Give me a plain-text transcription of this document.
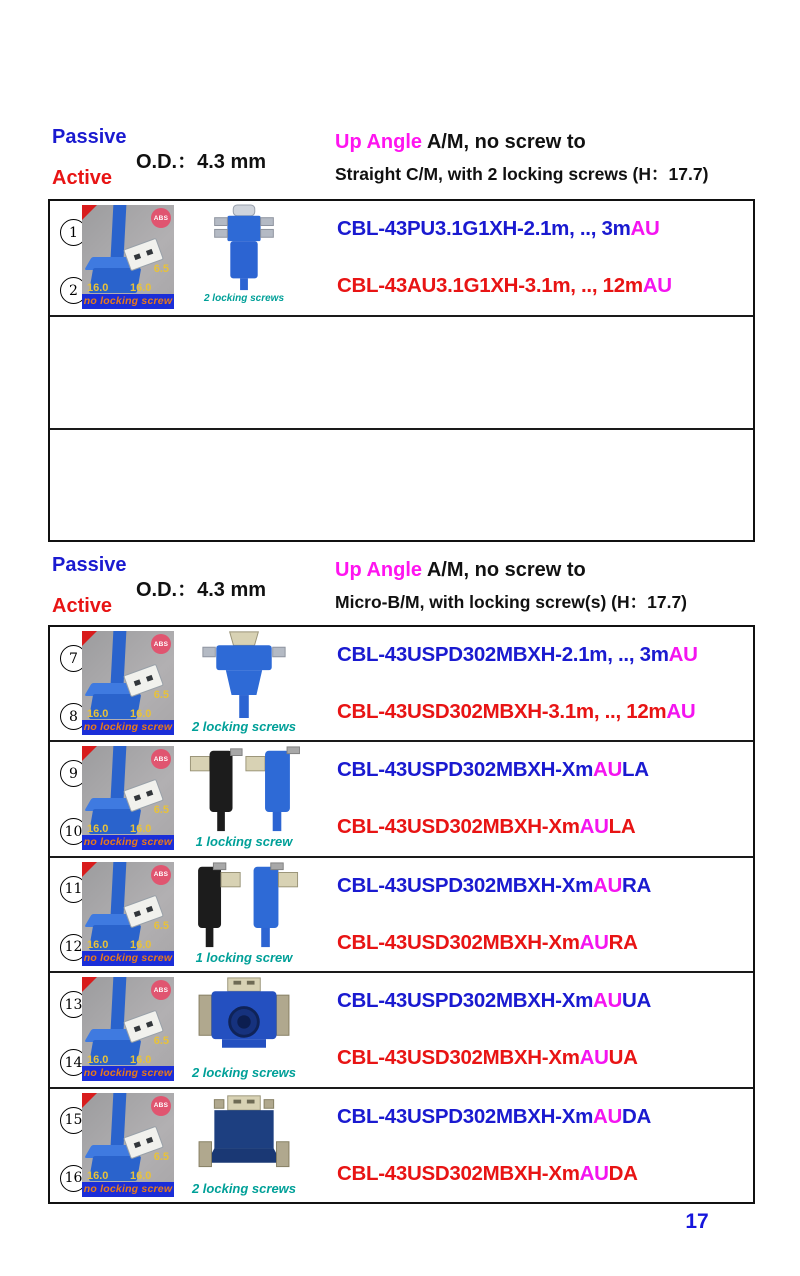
Passive
O.D.：4.3 mm
Active
Up Angle A/M, no screw to
Straight C/M, with 2 locking screws (H：17.7)
1
2
ABS
6.5
16.0 16.0
no locking screw	2 locking screws
CBL-43PU3.1G1XH-2.1m, .., 3mAU
CBL-43AU3.1G1XH-3.1m, .., 12mAU
Passive
O.D.：4.3 mm
Active
Up Angle A/M, no screw to
Micro-B/M, with locking screw(s) (H：17.7)
7
8
ABS
6.5
16.0 16.0
no locking screw	2 locking screws
CBL-43USPD302MBXH-2.1m, .., 3mAU
CBL-43USD302MBXH-3.1m, .., 12mAU
9
10
ABS
6.5
16.0 16.0
no locking screw	1 locking screw
CBL-43USPD302MBXH-XmAULA
CBL-43USD302MBXH-XmAULA
11
12
ABS
6.5
16.0 16.0
no locking screw	1 locking screw
CBL-43USPD302MBXH-XmAURA
CBL-43USD302MBXH-XmAURA
13
14
ABS
6.5
16.0 16.0
no locking screw	2 locking screws
CBL-43USPD302MBXH-XmAUUA
CBL-43USD302MBXH-XmAUUA
15
16
ABS
6.5
16.0 16.0
no locking screw	2 locking screws
CBL-43USPD302MBXH-XmAUDA
CBL-43USD302MBXH-XmAUDA
17
